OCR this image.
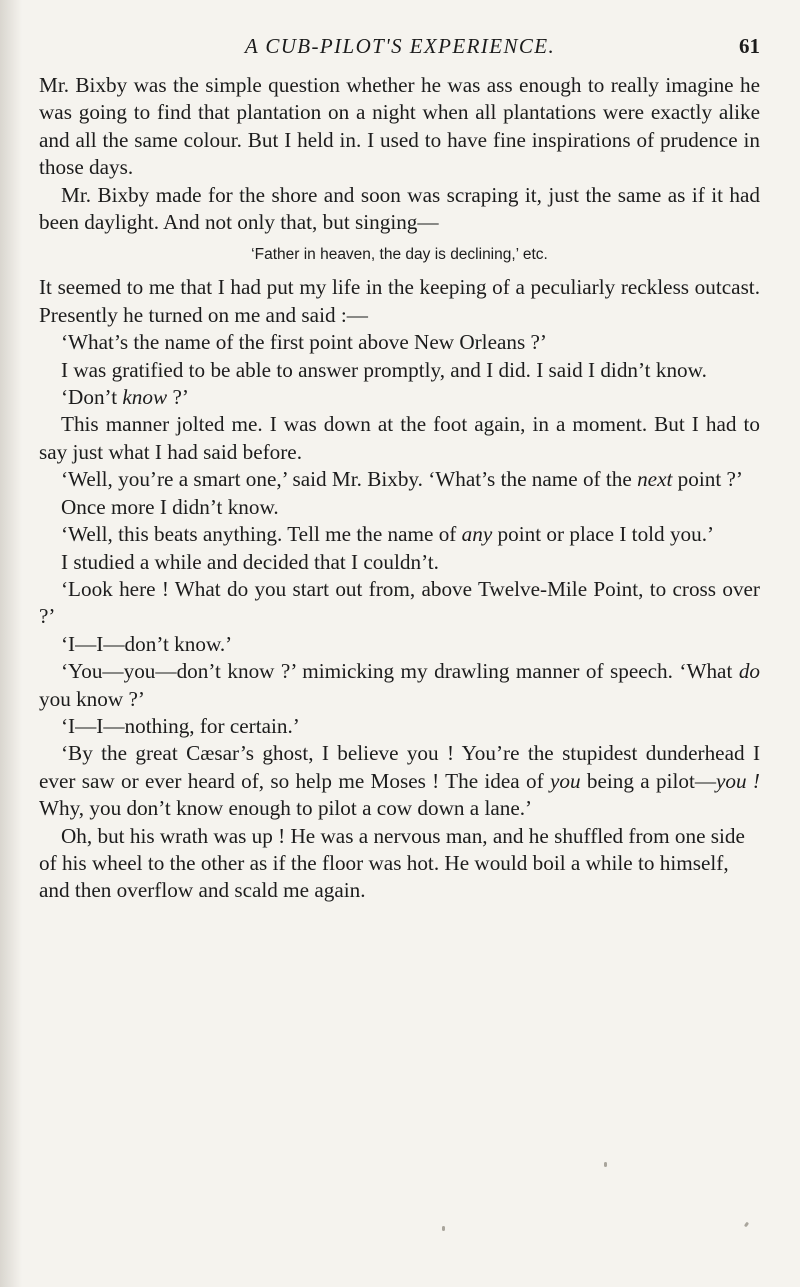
A CUB-PILOT'S EXPERIENCE.	61

Mr. Bixby was the simple question whether he was ass enough to really imagine he was going to find that plantation on a night when all plantations were exactly alike and all the same colour. But I held in. I used to have fine inspirations of prudence in those days.

Mr. Bixby made for the shore and soon was scraping it, just the same as if it had been daylight. And not only that, but singing—

‘Father in heaven, the day is declining,’ etc.

It seemed to me that I had put my life in the keeping of a peculiarly reckless outcast. Presently he turned on me and said :—

‘What’s the name of the first point above New Orleans ?’

I was gratified to be able to answer promptly, and I did. I said I didn’t know.

‘Don’t know ?’

This manner jolted me. I was down at the foot again, in a moment. But I had to say just what I had said before.

‘Well, you’re a smart one,’ said Mr. Bixby. ‘What’s the name of the next point ?’

Once more I didn’t know.

‘Well, this beats anything. Tell me the name of any point or place I told you.’

I studied a while and decided that I couldn’t.

‘Look here ! What do you start out from, above Twelve-Mile Point, to cross over ?’

‘I—I—don’t know.’

‘You—you—don’t know ?’ mimicking my drawling manner of speech. ‘What do you know ?’

‘I—I—nothing, for certain.’

‘By the great Cæsar’s ghost, I believe you ! You’re the stupidest dunderhead I ever saw or ever heard of, so help me Moses ! The idea of you being a pilot—you ! Why, you don’t know enough to pilot a cow down a lane.’

Oh, but his wrath was up ! He was a nervous man, and he shuffled from one side of his wheel to the other as if the floor was hot. He would boil a while to himself, and then overflow and scald me again.
